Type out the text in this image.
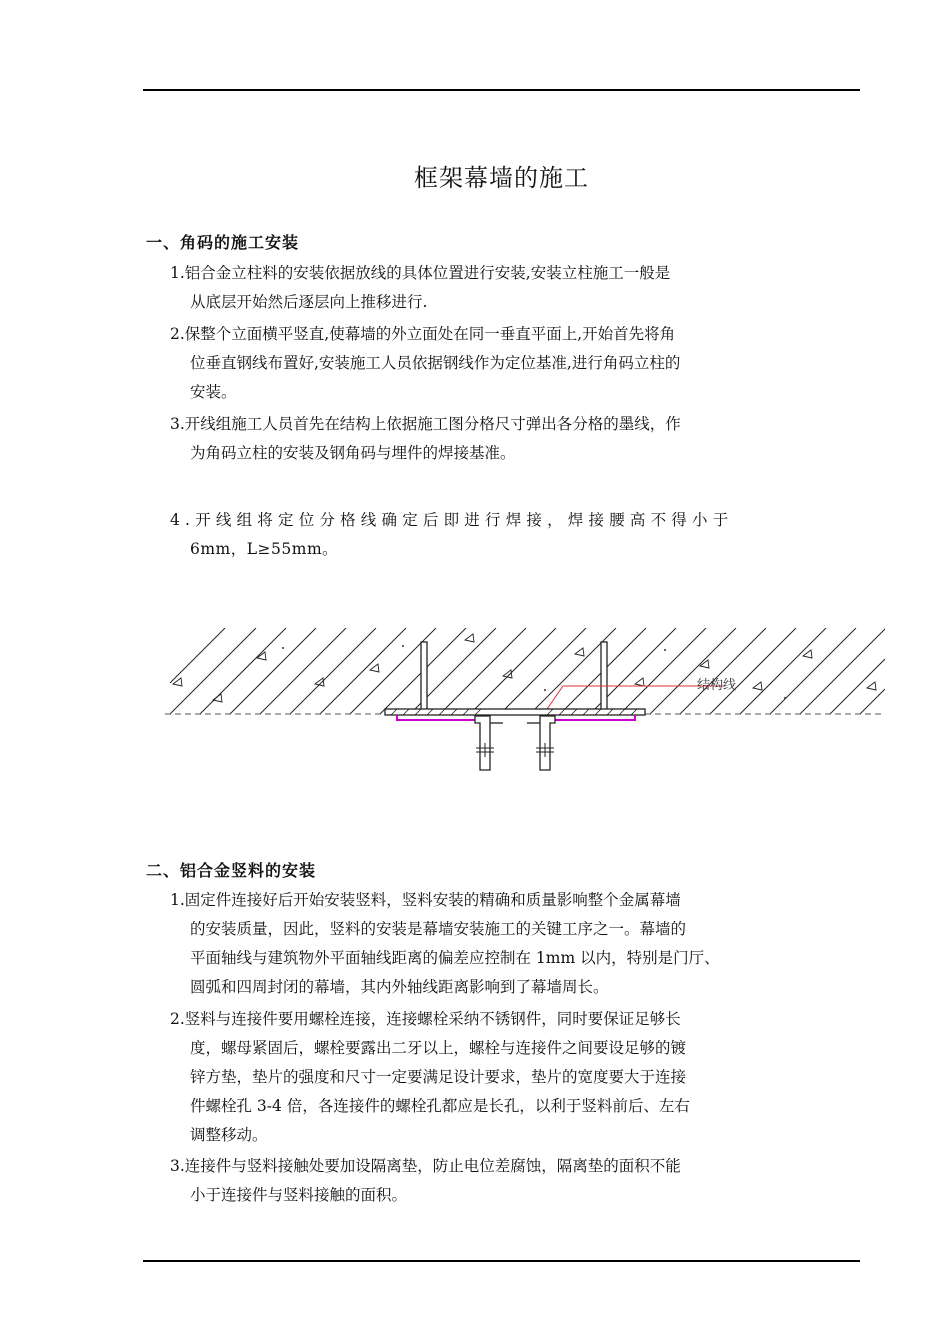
框架幕墙的施工
一、角码的施工安装
1.铝合金立柱料的安装依据放线的具体位置进行安装,安装立柱施工一般是
从底层开始然后逐层向上推移进行.
2.保整个立面横平竖直,使幕墙的外立面处在同一垂直平面上,开始首先将角
位垂直钢线布置好,安装施工人员依据钢线作为定位基准,进行角码立柱的
安装。
3.开线组施工人员首先在结构上依据施工图分格尺寸弹出各分格的墨线，作
为角码立柱的安装及钢角码与埋件的焊接基准。
4.开线组将定位分格线确定后即进行焊接，焊接腰高不得小于
6mm，L≥55mm。
结构线
二、铝合金竖料的安装
1.固定件连接好后开始安装竖料，竖料安装的精确和质量影响整个金属幕墙
的安装质量，因此，竖料的安装是幕墙安装施工的关键工序之一。幕墙的
平面轴线与建筑物外平面轴线距离的偏差应控制在 1mm 以内，特别是门厅、
圆弧和四周封闭的幕墙，其内外轴线距离影响到了幕墙周长。
2.竖料与连接件要用螺栓连接，连接螺栓采纳不锈钢件，同时要保证足够长
度，螺母紧固后，螺栓要露出二牙以上，螺栓与连接件之间要设足够的镀
锌方垫，垫片的强度和尺寸一定要满足设计要求，垫片的宽度要大于连接
件螺栓孔 3-4 倍，各连接件的螺栓孔都应是长孔，以利于竖料前后、左右
调整移动。
3.连接件与竖料接触处要加设隔离垫，防止电位差腐蚀，隔离垫的面积不能
小于连接件与竖料接触的面积。
